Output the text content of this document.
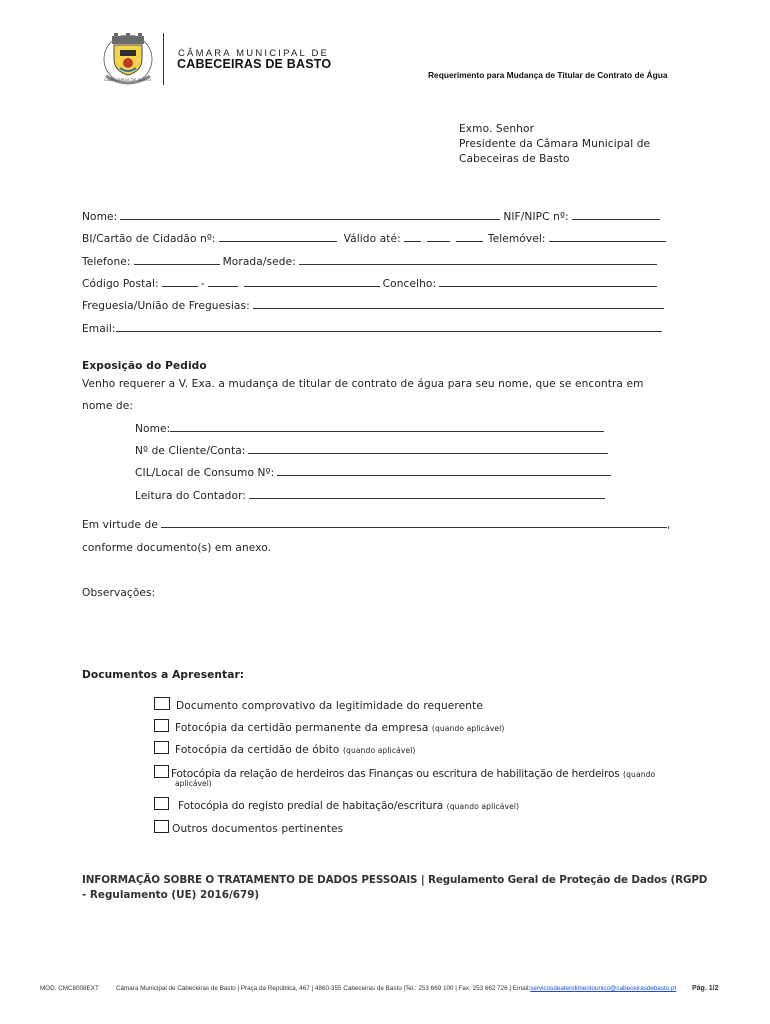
CABECEIRAS DE BASTO
CÂMARA MUNICIPAL DE
CABECEIRAS DE BASTO
Requerimento para Mudança de Titular de Contrato de Água
Exmo. Senhor
Presidente da Câmara Municipal de
Cabeceiras de Basto
Nome:	NIF/NIPC nº:
BI/Cartão de Cidadão nº:	Válido até:	Telemóvel:
Telefone:	Morada/sede:
Código Postal:	-	Concelho:
Freguesia/União de Freguesias:
Email:
Exposição do Pedido
Venho requerer a V. Exa. a mudança de titular de contrato de água para seu nome, que se encontra em
nome de:
Nome:
Nº de Cliente/Conta:
CIL/Local de Consumo Nº:
Leitura do Contador:
Em virtude de	,
conforme documento(s) em anexo.
Observações:
Documentos a Apresentar:
Documento comprovativo da legitimidade do requerente
Fotocópia da certidão permanente da empresa (quando aplicável)
Fotocópia da certidão de óbito (quando aplicável)
Fotocópia da relação de herdeiros das Finanças ou escritura de habilitação de herdeiros (quando
aplicável)
Fotocópia do registo predial de habitação/escritura (quando aplicável)
Outros documentos pertinentes
INFORMAÇÃO SOBRE O TRATAMENTO DE DADOS PESSOAIS | Regulamento Geral de Proteção de Dados (RGPD
- Regulamento (UE) 2016/679)
MOD. CMC8008EXT	Câmara Municipal de Cabeceiras de Basto | Praça da República, 467 | 4860-355 Cabeceiras de Basto |Tel.: 253 669 100 | Fax: 253 662 726 | Email:servicosdeatendimentounico@cabeceirasdebasto.pt Pág. 1/2
